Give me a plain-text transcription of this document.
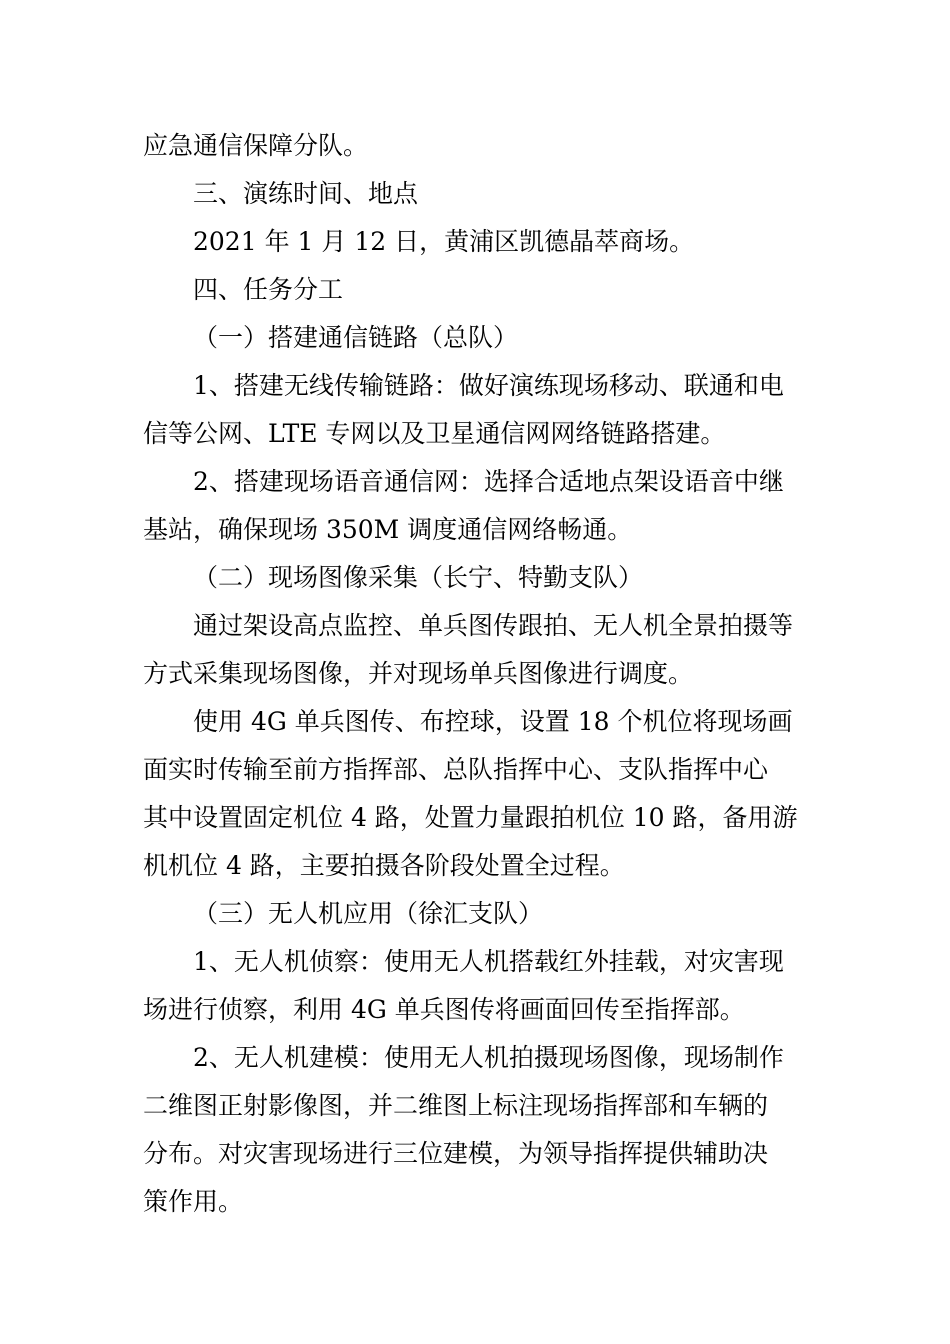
应急通信保障分队。
三、演练时间、地点
2021 年 1 月 12 日，黄浦区凯德晶萃商场。
四、任务分工
（一）搭建通信链路（总队）
1、搭建无线传输链路：做好演练现场移动、联通和电
信等公网、LTE 专网以及卫星通信网网络链路搭建。
2、搭建现场语音通信网：选择合适地点架设语音中继
基站，确保现场 350M 调度通信网络畅通。
（二）现场图像采集（长宁、特勤支队）
通过架设高点监控、单兵图传跟拍、无人机全景拍摄等
方式采集现场图像，并对现场单兵图像进行调度。
使用 4G 单兵图传、布控球，设置 18 个机位将现场画
面实时传输至前方指挥部、总队指挥中心、支队指挥中心
其中设置固定机位 4 路，处置力量跟拍机位 10 路，备用游
机机位 4 路，主要拍摄各阶段处置全过程。
（三）无人机应用（徐汇支队）
1、无人机侦察：使用无人机搭载红外挂载，对灾害现
场进行侦察，利用 4G 单兵图传将画面回传至指挥部。
2、无人机建模：使用无人机拍摄现场图像，现场制作
二维图正射影像图，并二维图上标注现场指挥部和车辆的
分布。对灾害现场进行三位建模，为领导指挥提供辅助决
策作用。
